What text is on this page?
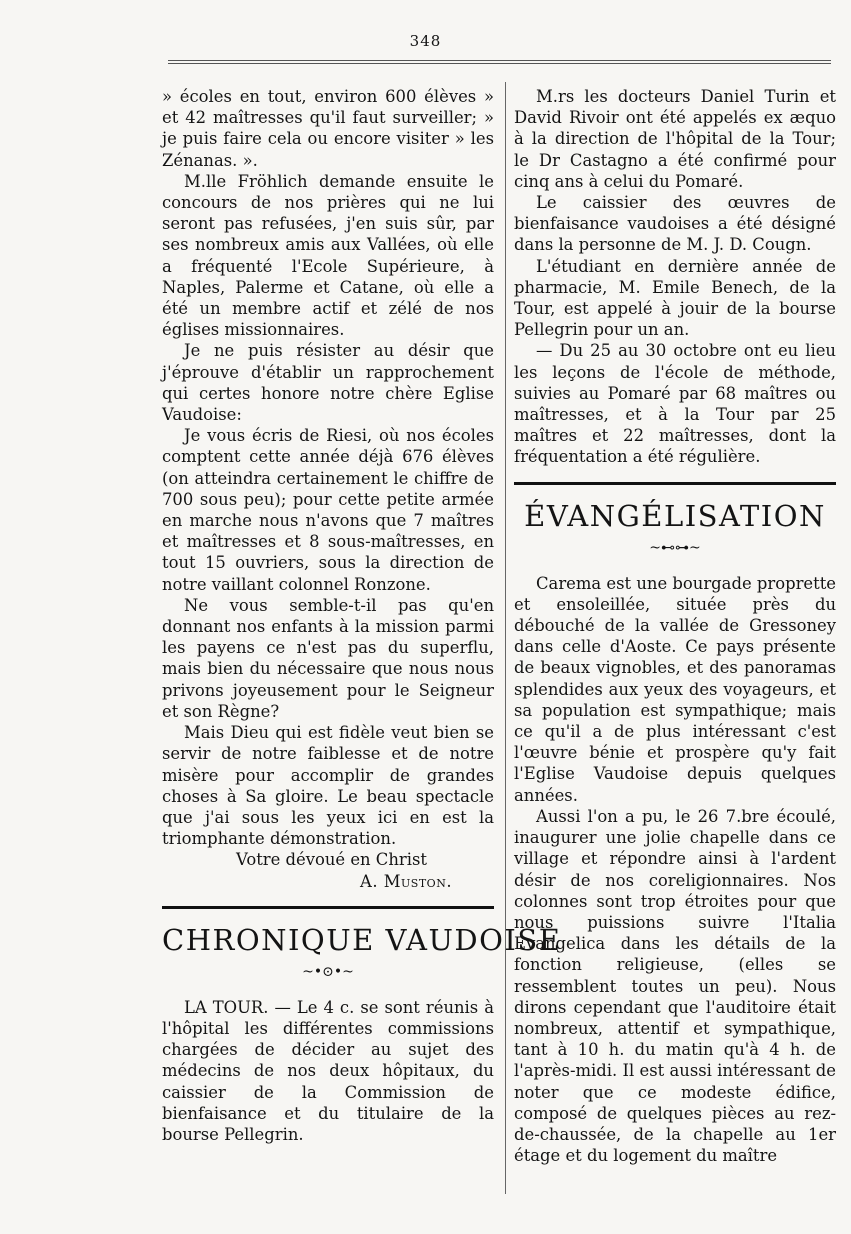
348

» écoles en tout, environ 600 élèves » et 42 maîtresses qu'il faut surveiller; » je puis faire cela ou encore visiter » les Zénanas. ».

M.lle Fröhlich demande ensuite le concours de nos prières qui ne lui seront pas refusées, j'en suis sûr, par ses nombreux amis aux Vallées, où elle a fréquenté l'Ecole Supérieure, à Naples, Palerme et Catane, où elle a été un membre actif et zélé de nos églises missionnaires.

Je ne puis résister au désir que j'éprouve d'établir un rapprochement qui certes honore notre chère Eglise Vaudoise:

Je vous écris de Riesi, où nos écoles comptent cette année déjà 676 élèves (on atteindra certainement le chiffre de 700 sous peu); pour cette petite armée en marche nous n'avons que 7 maîtres et maîtresses et 8 sous-maîtresses, en tout 15 ouvriers, sous la direction de notre vaillant colonnel Ronzone.

Ne vous semble-t-il pas qu'en donnant nos enfants à la mission parmi les payens ce n'est pas du superflu, mais bien du nécessaire que nous nous privons joyeusement pour le Seigneur et son Règne?

Mais Dieu qui est fidèle veut bien se servir de notre faiblesse et de notre misère pour accomplir de grandes choses à Sa gloire. Le beau spectacle que j'ai sous les yeux ici en est la triomphante démonstration.

Votre dévoué en Christ

A. Muston.

CHRONIQUE VAUDOISE

~•⊙•~

LA TOUR. — Le 4 c. se sont réunis à l'hôpital les différentes commissions chargées de décider au sujet des médecins de nos deux hôpitaux, du caissier de la Commission de bienfaisance et du titulaire de la bourse Pellegrin.

M.rs les docteurs Daniel Turin et David Rivoir ont été appelés ex æquo à la direction de l'hôpital de la Tour; le Dr Castagno a été confirmé pour cinq ans à celui du Pomaré.

Le caissier des œuvres de bienfaisance vaudoises a été désigné dans la personne de M. J. D. Cougn.

L'étudiant en dernière année de pharmacie, M. Emile Benech, de la Tour, est appelé à jouir de la bourse Pellegrin pour un an.

— Du 25 au 30 octobre ont eu lieu les leçons de l'école de méthode, suivies au Pomaré par 68 maîtres ou maîtresses, et à la Tour par 25 maîtres et 22 maîtresses, dont la fréquentation a été régulière.

ÉVANGÉLISATION

~⊷⊶~

Carema est une bourgade proprette et ensoleillée, située près du débouché de la vallée de Gressoney dans celle d'Aoste. Ce pays présente de beaux vignobles, et des panoramas splendides aux yeux des voyageurs, et sa population est sympathique; mais ce qu'il a de plus intéressant c'est l'œuvre bénie et prospère qu'y fait l'Eglise Vaudoise depuis quelques années.

Aussi l'on a pu, le 26 7.bre écoulé, inaugurer une jolie chapelle dans ce village et répondre ainsi à l'ardent désir de nos coreligionnaires. Nos colonnes sont trop étroites pour que nous puissions suivre l'Italia Evangelica dans les détails de la fonction religieuse, (elles se ressemblent toutes un peu). Nous dirons cependant que l'auditoire était nombreux, attentif et sympathique, tant à 10 h. du matin qu'à 4 h. de l'après-midi. Il est aussi intéressant de noter que ce modeste édifice, composé de quelques pièces au rez-de-chaussée, de la chapelle au 1er étage et du logement du maître
